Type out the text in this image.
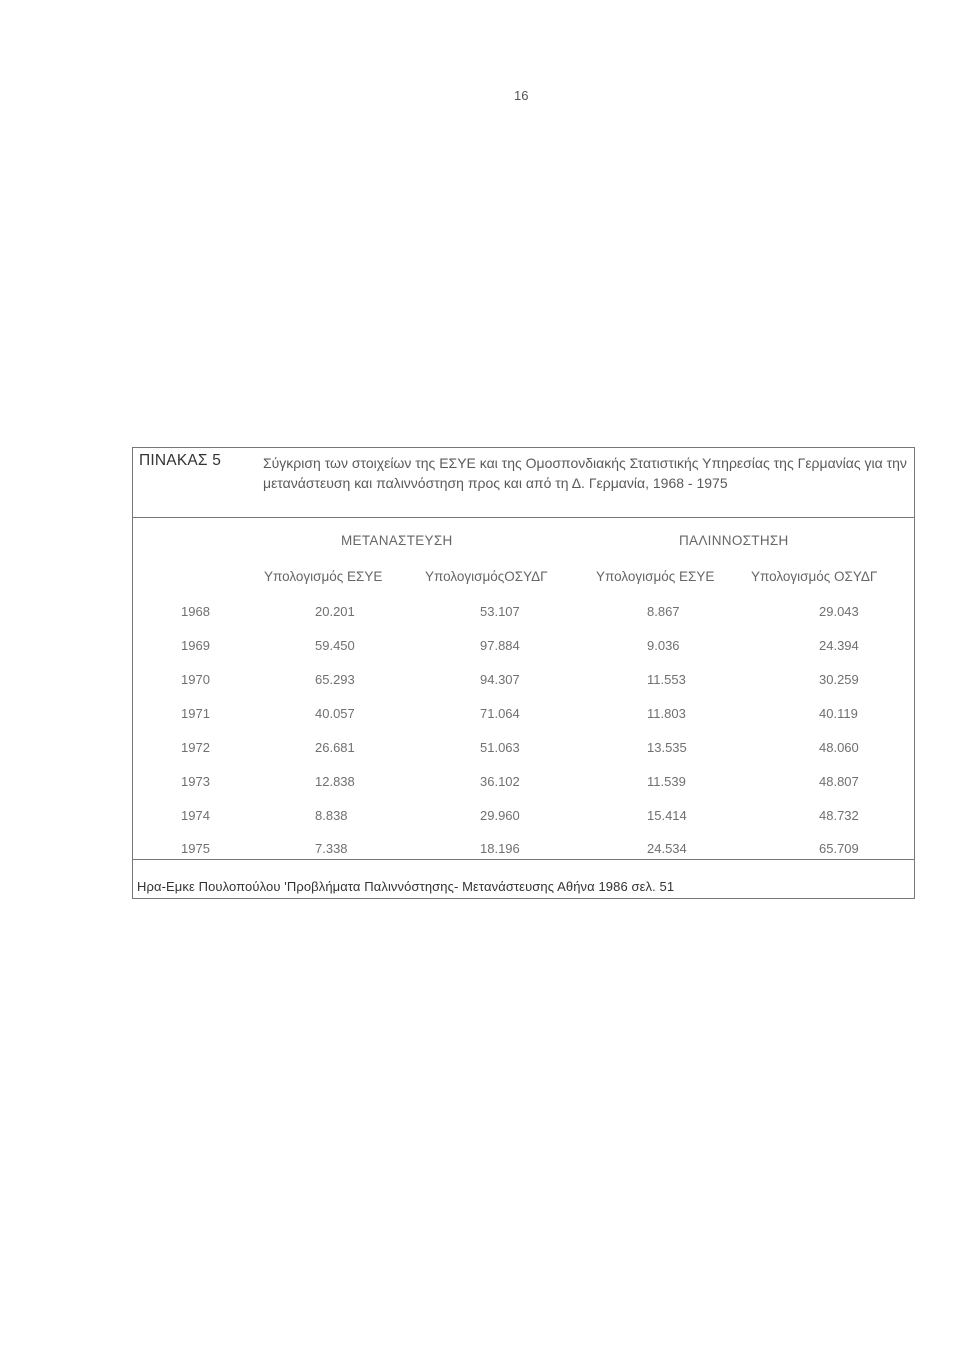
16
ΠΙΝΑΚΑΣ 5	Σύγκριση των στοιχείων της ΕΣΥΕ και της Ομοσπονδιακής Στατιστικής Υπηρεσίας της Γερμανίας για την μετανάστευση και παλιννόστηση προς και από τη Δ. Γερμανία, 1968 - 1975
ΜΕΤΑΝΑΣΤΕΥΣΗ	ΠΑΛΙΝΝΟΣΤΗΣΗ
Υπολογισμός ΕΣΥΕ	ΥπολογισμόςΟΣΥΔΓ	Υπολογισμός ΕΣΥΕ	Υπολογισμός ΟΣΥΔΓ
1968	20.201	53.107	8.867	29.043
1969	59.450	97.884	9.036	24.394
1970	65.293	94.307	11.553	30.259
1971	40.057	71.064	11.803	40.119
1972	26.681	51.063	13.535	48.060
1973	12.838	36.102	11.539	48.807
1974	8.838	29.960	15.414	48.732
1975	7.338	18.196	24.534	65.709
Ηρα-Εμκε Πουλοπούλου 'Προβλήματα Παλιννόστησης- Μετανάστευσης Αθήνα 1986 σελ. 51
